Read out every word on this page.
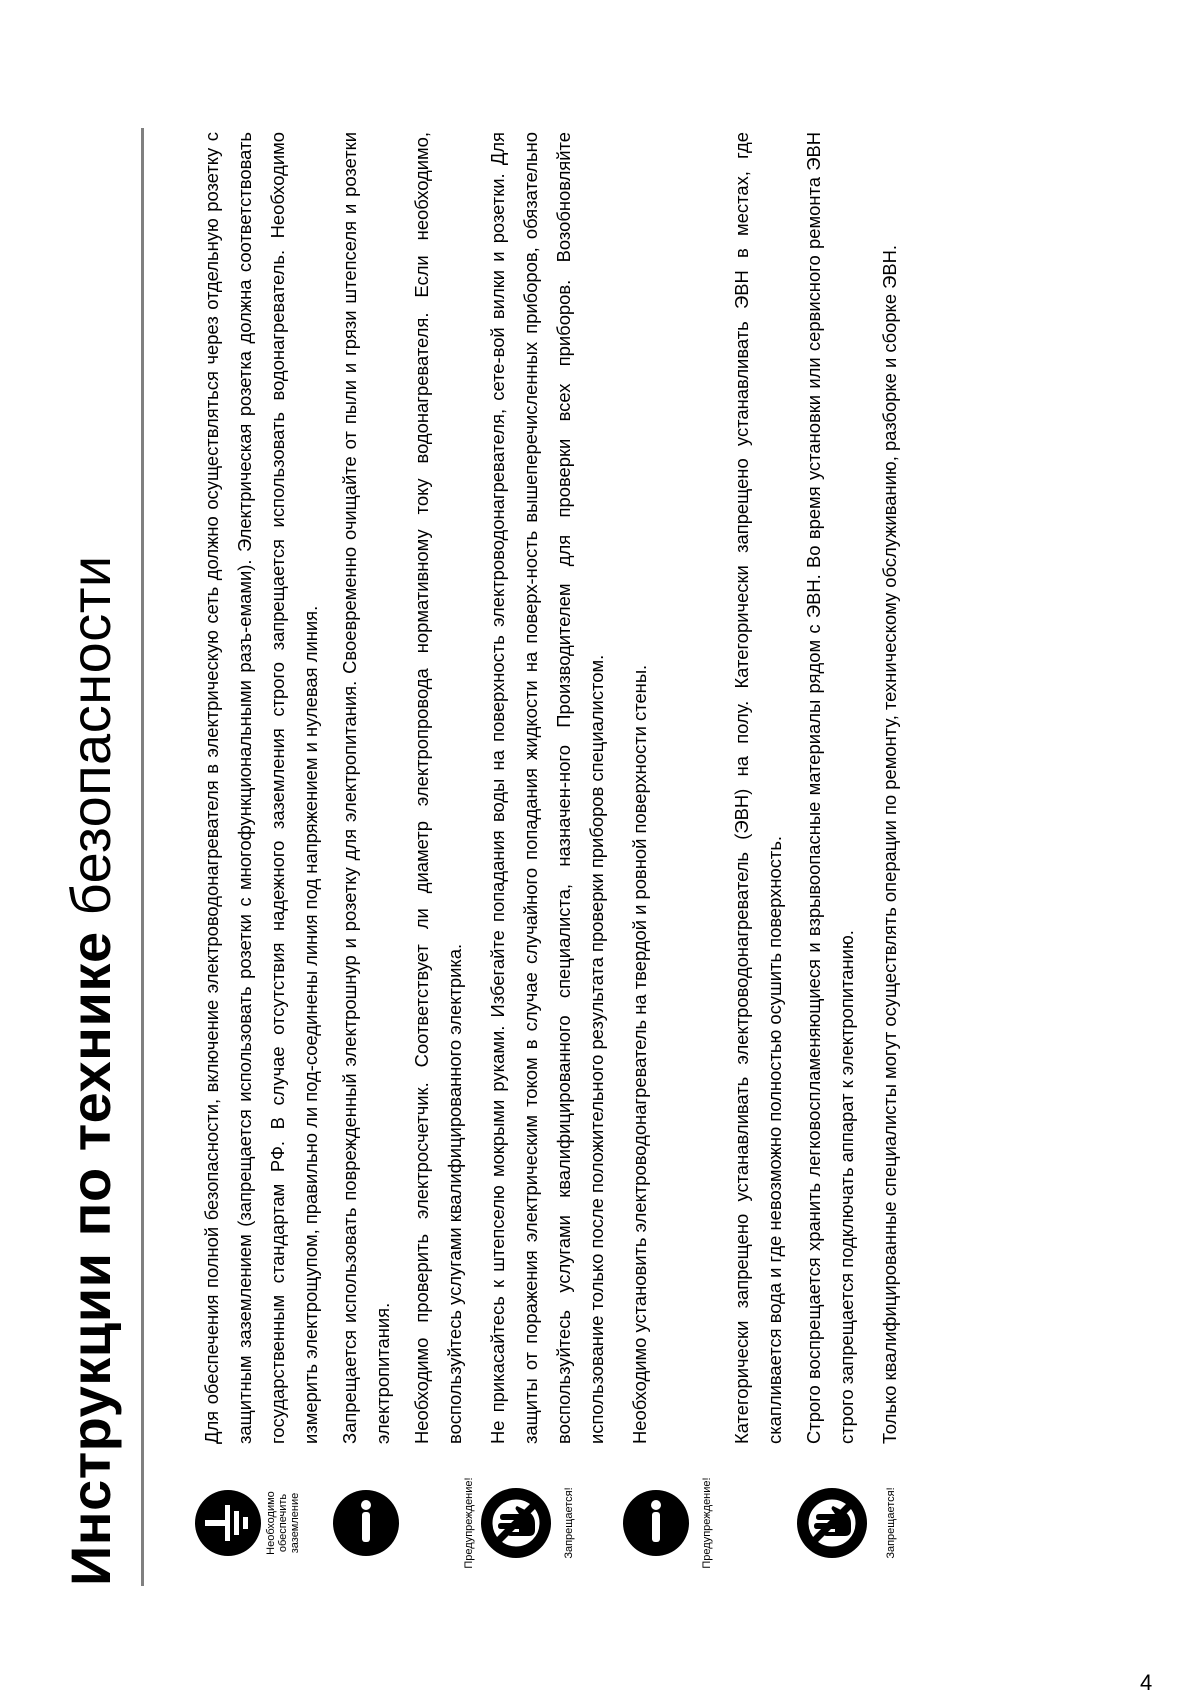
Инструкции по технике безопасности
Необходимо обеспечить заземление
Для обеспечения полной безопасности, включение электроводонагревателя в электрическую сеть должно осуществляться через отдельную розетку с защитным заземлением (запрещается использовать розетки с многофункциональными разъ-емами). Электрическая розетка должна соответствовать государственным стандартам РФ. В случае отсутствия надежного заземления строго запрещается использовать водонагреватель. Необходимо измерить электрощупом, правильно ли под-соединены линия под напряжением и нулевая линия.
Предупреждение!
Запрещается использовать поврежденный электрошнур и розетку для электропитания. Своевременно очищайте от пыли и грязи штепселя и розетки электропитания. Необходимо проверить электросчетчик. Соответствует ли диаметр электропровода нормативному току водонагревателя. Если необходимо, воспользуйтесь услугами квалифицированного электрика.
Запрещается!
Не прикасайтесь к штепселю мокрыми руками. Избегайте попадания воды на поверхность электроводонагревателя, сете-вой вилки и розетки. Для защиты от поражения электрическим током в случае случайного попадания жидкости на поверх-ность вышеперечисленных приборов, обязательно воспользуйтесь услугами квалифицированного специалиста, назначен-ного Производителем для проверки всех приборов. Возобновляйте использование только после положительного результата проверки приборов специалистом.
Предупреждение!
Необходимо установить электроводонагреватель на твердой и ровной поверхности стены.	Категорически запрещено устанавливать электроводонагреватель (ЭВН) на полу. Категорически запрещено устанавливать ЭВН в местах, где скапливается вода и где невозможно полностью осушить поверхность. Строго воспрещается хранить легковоспламеняющиеся и взрывоопасные материалы рядом с ЭВН. Во время установки или сервисного ремонта ЭВН строго запрещается подключать аппарат к электропитанию.
Запрещается!
Только квалифицированные специалисты могут осуществлять операции по ремонту, техническому обслуживанию, разборке и сборке ЭВН.
4
